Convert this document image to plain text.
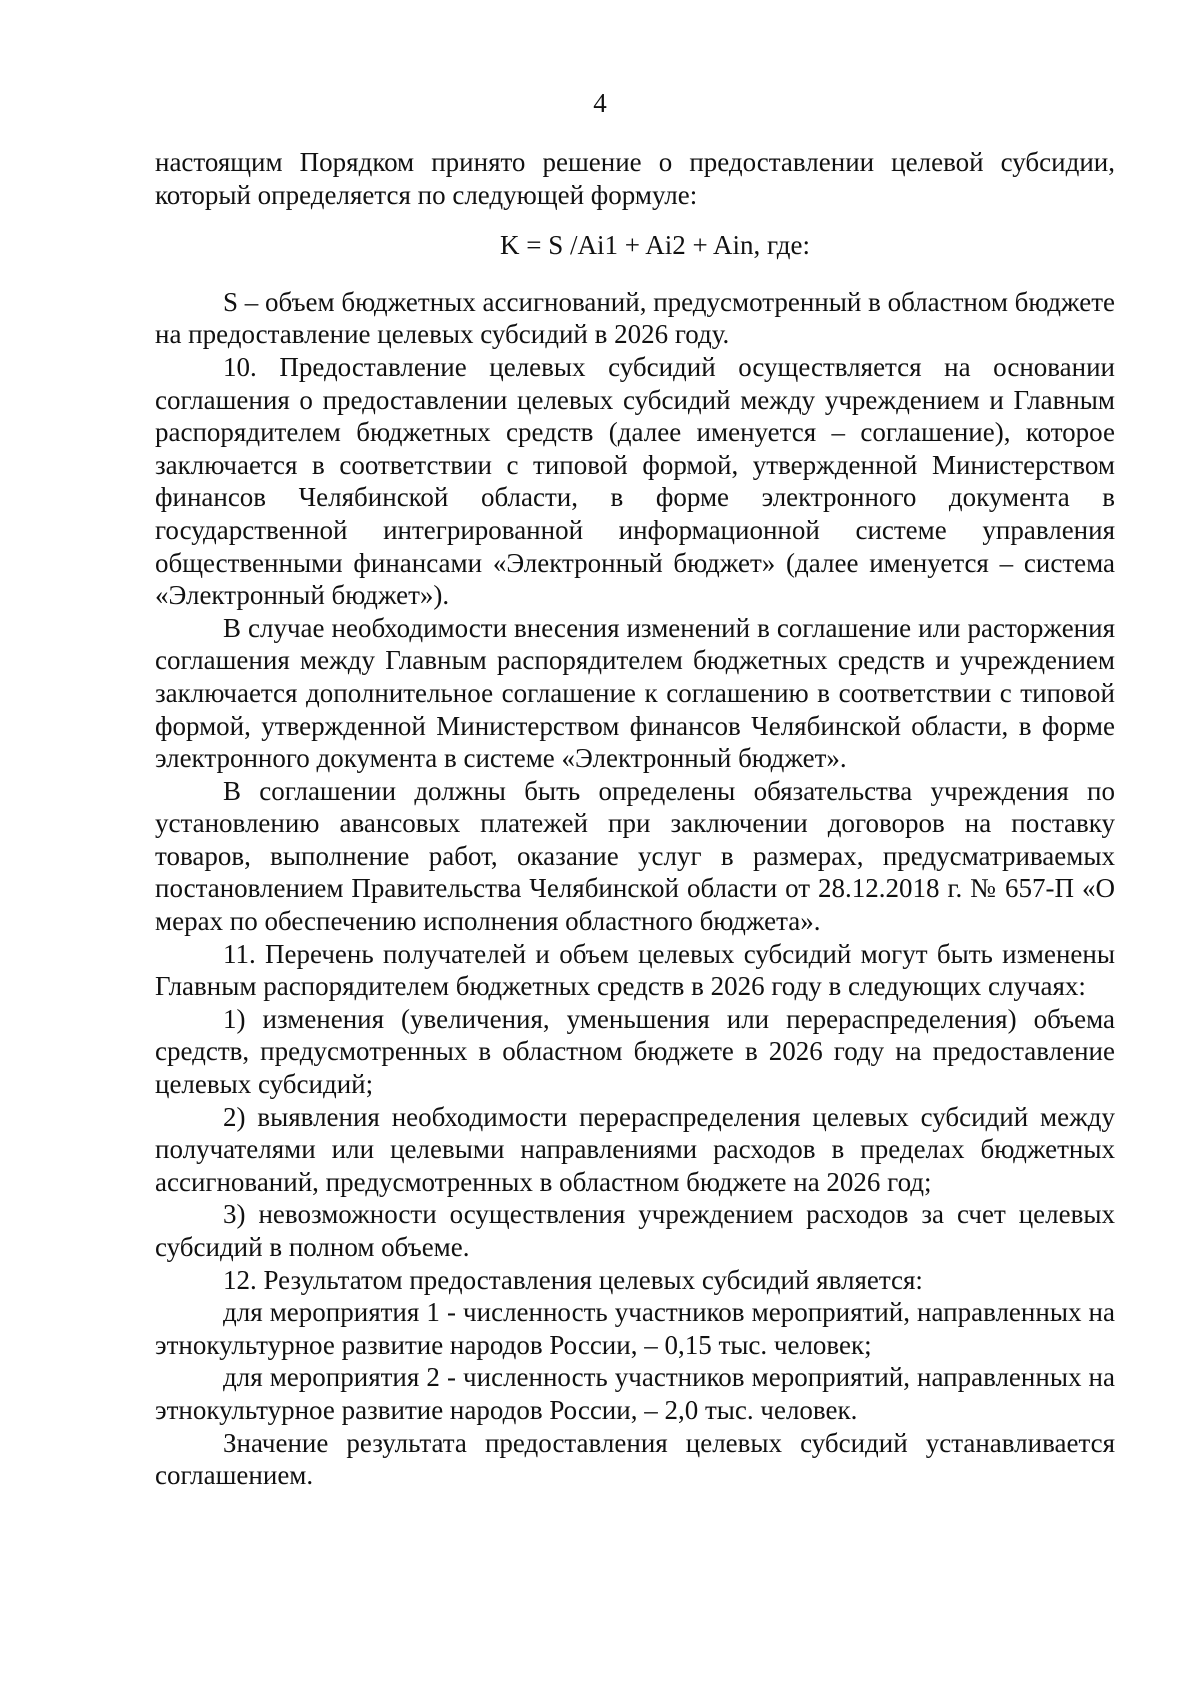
4

настоящим Порядком принято решение о предоставлении целевой субсидии, который определяется по следующей формуле:

K = S /Ai1 + Ai2 + Ain, где:

S – объем бюджетных ассигнований, предусмотренный в областном бюджете на предоставление целевых субсидий в 2026 году.

10. Предоставление целевых субсидий осуществляется на основании соглашения о предоставлении целевых субсидий между учреждением и Главным распорядителем бюджетных средств (далее именуется – соглашение), которое заключается в соответствии с типовой формой, утвержденной Министерством финансов Челябинской области, в форме электронного документа в государственной интегрированной информационной системе управления общественными финансами «Электронный бюджет» (далее именуется – система «Электронный бюджет»).

В случае необходимости внесения изменений в соглашение или расторжения соглашения между Главным распорядителем бюджетных средств и учреждением заключается дополнительное соглашение к соглашению в соответствии с типовой формой, утвержденной Министерством финансов Челябинской области, в форме электронного документа в системе «Электронный бюджет».

В соглашении должны быть определены обязательства учреждения по установлению авансовых платежей при заключении договоров на поставку товаров, выполнение работ, оказание услуг в размерах, предусматриваемых постановлением Правительства Челябинской области от 28.12.2018 г. № 657-П «О мерах по обеспечению исполнения областного бюджета».

11. Перечень получателей и объем целевых субсидий могут быть изменены Главным распорядителем бюджетных средств в 2026 году в следующих случаях:

1) изменения (увеличения, уменьшения или перераспределения) объема средств, предусмотренных в областном бюджете в 2026 году на предоставление целевых субсидий;

2) выявления необходимости перераспределения целевых субсидий между получателями или целевыми направлениями расходов в пределах бюджетных ассигнований, предусмотренных в областном бюджете на 2026 год;

3) невозможности осуществления учреждением расходов за счет целевых субсидий в полном объеме.

12. Результатом предоставления целевых субсидий является:

для мероприятия 1 - численность участников мероприятий, направленных на этнокультурное развитие народов России, – 0,15 тыс. человек;

для мероприятия 2 - численность участников мероприятий, направленных на этнокультурное развитие народов России, – 2,0 тыс. человек.

Значение результата предоставления целевых субсидий устанавливается соглашением.
